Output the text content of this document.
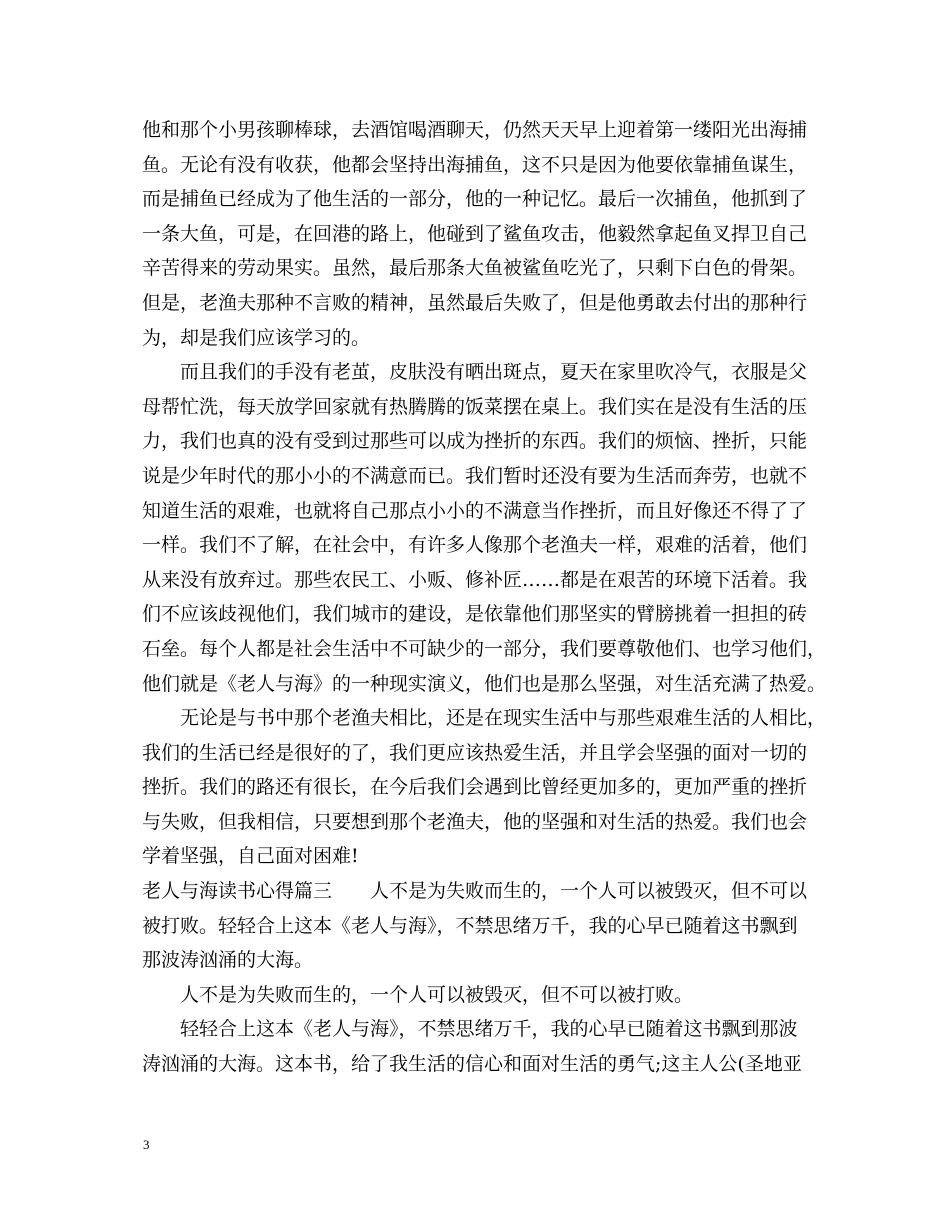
他和那个小男孩聊棒球，去酒馆喝酒聊天，仍然天天早上迎着第一缕阳光出海捕
鱼。无论有没有收获，他都会坚持出海捕鱼，这不只是因为他要依靠捕鱼谋生，
而是捕鱼已经成为了他生活的一部分，他的一种记忆。最后一次捕鱼，他抓到了
一条大鱼，可是，在回港的路上，他碰到了鲨鱼攻击，他毅然拿起鱼叉捍卫自己
辛苦得来的劳动果实。虽然，最后那条大鱼被鲨鱼吃光了，只剩下白色的骨架。
但是，老渔夫那种不言败的精神，虽然最后失败了，但是他勇敢去付出的那种行
为，却是我们应该学习的。
而且我们的手没有老茧，皮肤没有晒出斑点，夏天在家里吹冷气，衣服是父
母帮忙洗，每天放学回家就有热腾腾的饭菜摆在桌上。我们实在是没有生活的压
力，我们也真的没有受到过那些可以成为挫折的东西。我们的烦恼、挫折，只能
说是少年时代的那小小的不满意而已。我们暂时还没有要为生活而奔劳，也就不
知道生活的艰难，也就将自己那点小小的不满意当作挫折，而且好像还不得了了
一样。我们不了解，在社会中，有许多人像那个老渔夫一样，艰难的活着，他们
从来没有放弃过。那些农民工、小贩、修补匠……都是在艰苦的环境下活着。我
们不应该歧视他们，我们城市的建设，是依靠他们那坚实的臂膀挑着一担担的砖
石垒。每个人都是社会生活中不可缺少的一部分，我们要尊敬他们、也学习他们，
他们就是《老人与海》的一种现实演义，他们也是那么坚强，对生活充满了热爱。
无论是与书中那个老渔夫相比，还是在现实生活中与那些艰难生活的人相比，
我们的生活已经是很好的了，我们更应该热爱生活，并且学会坚强的面对一切的
挫折。我们的路还有很长，在今后我们会遇到比曾经更加多的，更加严重的挫折
与失败，但我相信，只要想到那个老渔夫，他的坚强和对生活的热爱。我们也会
学着坚强，自己面对困难!
老人与海读书心得篇三　　人不是为失败而生的，一个人可以被毁灭，但不可以
被打败。轻轻合上这本《老人与海》，不禁思绪万千，我的心早已随着这书飘到
那波涛汹涌的大海。
人不是为失败而生的，一个人可以被毁灭，但不可以被打败。
轻轻合上这本《老人与海》，不禁思绪万千，我的心早已随着这书飘到那波
涛汹涌的大海。这本书，给了我生活的信心和面对生活的勇气;这主人公(圣地亚
3
